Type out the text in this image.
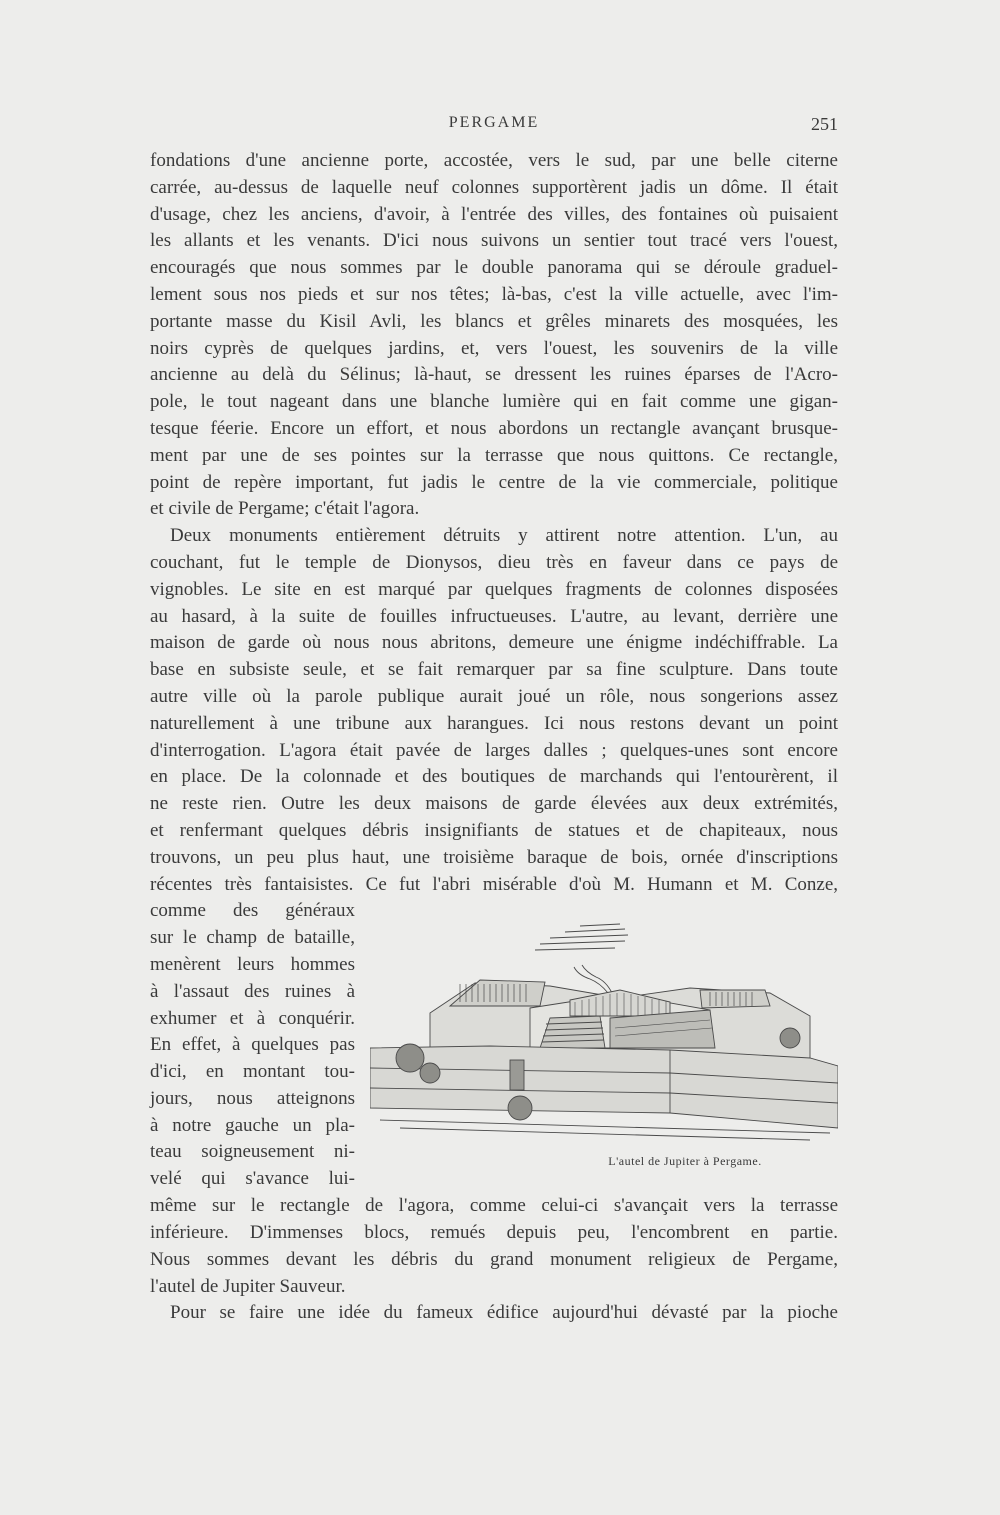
PERGAME	251
fondations d'une ancienne porte, accostée, vers le sud, par une belle citerne
carrée, au-dessus de laquelle neuf colonnes supportèrent jadis un dôme. Il était
d'usage, chez les anciens, d'avoir, à l'entrée des villes, des fontaines où puisaient
les allants et les venants. D'ici nous suivons un sentier tout tracé vers l'ouest,
encouragés que nous sommes par le double panorama qui se déroule graduel-
lement sous nos pieds et sur nos têtes; là-bas, c'est la ville actuelle, avec l'im-
portante masse du Kisil Avli, les blancs et grêles minarets des mosquées, les
noirs cyprès de quelques jardins, et, vers l'ouest, les souvenirs de la ville
ancienne au delà du Sélinus; là-haut, se dressent les ruines éparses de l'Acro-
pole, le tout nageant dans une blanche lumière qui en fait comme une gigan-
tesque féerie. Encore un effort, et nous abordons un rectangle avançant brusque-
ment par une de ses pointes sur la terrasse que nous quittons. Ce rectangle,
point de repère important, fut jadis le centre de la vie commerciale, politique
et civile de Pergame; c'était l'agora.
Deux monuments entièrement détruits y attirent notre attention. L'un, au
couchant, fut le temple de Dionysos, dieu très en faveur dans ce pays de
vignobles. Le site en est marqué par quelques fragments de colonnes disposées
au hasard, à la suite de fouilles infructueuses. L'autre, au levant, derrière une
maison de garde où nous nous abritons, demeure une énigme indéchiffrable. La
base en subsiste seule, et se fait remarquer par sa fine sculpture. Dans toute
autre ville où la parole publique aurait joué un rôle, nous songerions assez
naturellement à une tribune aux harangues. Ici nous restons devant un point
d'interrogation. L'agora était pavée de larges dalles ; quelques-unes sont encore
en place. De la colonnade et des boutiques de marchands qui l'entourèrent, il
ne reste rien. Outre les deux maisons de garde élevées aux deux extrémités,
et renfermant quelques débris insignifiants de statues et de chapiteaux, nous
trouvons, un peu plus haut, une troisième baraque de bois, ornée d'inscriptions
récentes très fantaisistes. Ce fut l'abri misérable d'où M. Humann et M. Conze,
comme des généraux
sur le champ de bataille,
menèrent leurs hommes
à l'assaut des ruines à
exhumer et à conquérir.
En effet, à quelques pas
d'ici, en montant tou-
jours, nous atteignons
à notre gauche un pla-
teau soigneusement ni-
velé qui s'avance lui-
L'autel de Jupiter à Pergame.
même sur le rectangle de l'agora, comme celui-ci s'avançait vers la terrasse
inférieure. D'immenses blocs, remués depuis peu, l'encombrent en partie.
Nous sommes devant les débris du grand monument religieux de Pergame,
l'autel de Jupiter Sauveur.
Pour se faire une idée du fameux édifice aujourd'hui dévasté par la pioche
